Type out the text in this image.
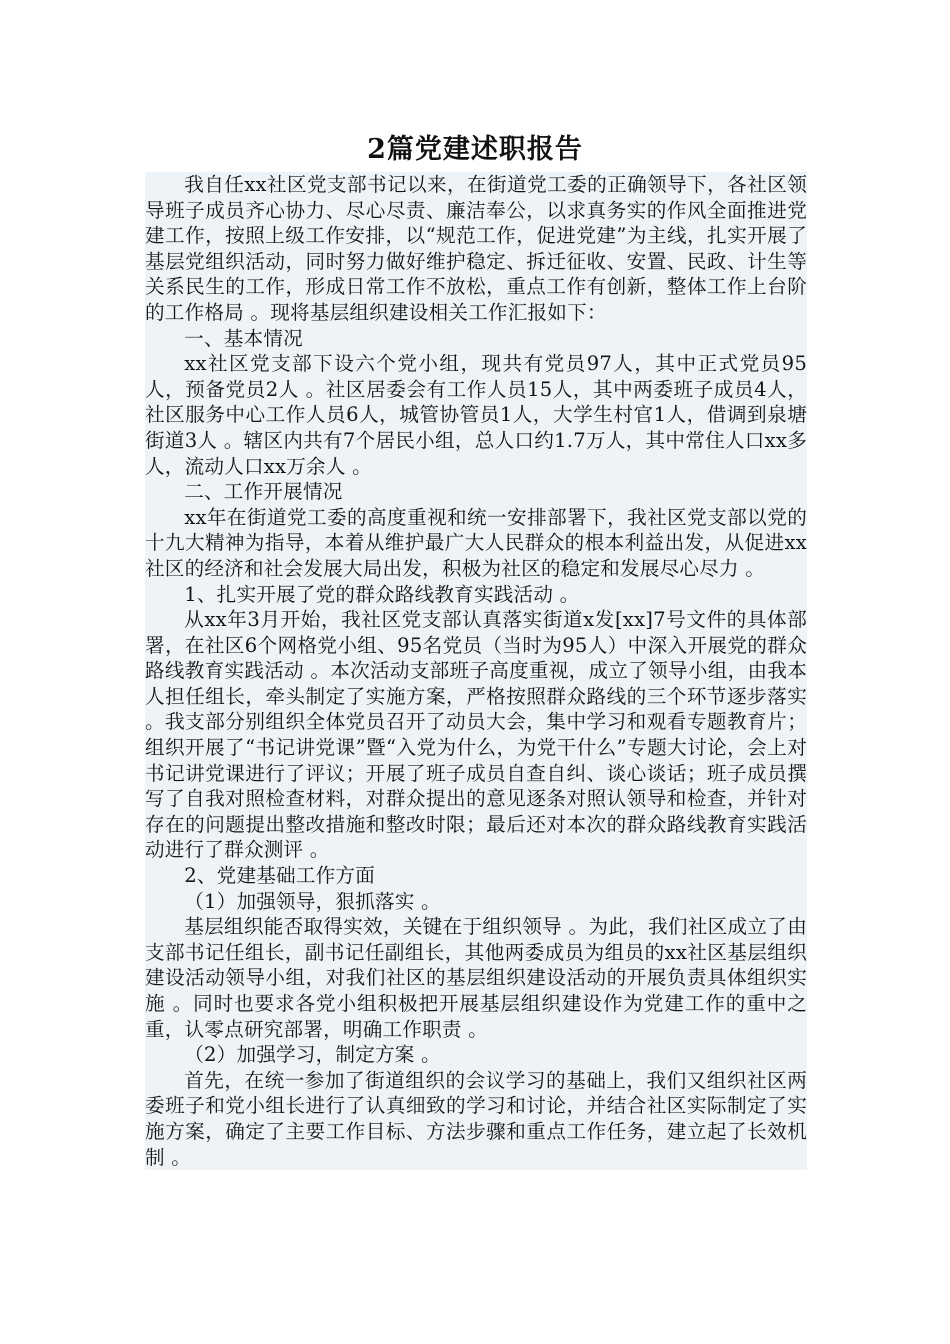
2篇党建述职报告

我自任xx社区党支部书记以来，在街道党工委的正确领导下，各社区领导班子成员齐心协力、尽心尽责、廉洁奉公，以求真务实的作风全面推进党建工作，按照上级工作安排，以“规范工作，促进党建”为主线，扎实开展了基层党组织活动，同时努力做好维护稳定、拆迁征收、安置、民政、计生等关系民生的工作，形成日常工作不放松，重点工作有创新，整体工作上台阶的工作格局 。现将基层组织建设相关工作汇报如下：

一、基本情况

xx社区党支部下设六个党小组，现共有党员97人，其中正式党员95人，预备党员2人 。社区居委会有工作人员15人，其中两委班子成员4人，社区服务中心工作人员6人，城管协管员1人，大学生村官1人，借调到泉塘街道3人 。辖区内共有7个居民小组，总人口约1.7万人，其中常住人口xx多人，流动人口xx万余人 。

二、工作开展情况

xx年在街道党工委的高度重视和统一安排部署下，我社区党支部以党的十九大精神为指导，本着从维护最广大人民群众的根本利益出发，从促进xx社区的经济和社会发展大局出发，积极为社区的稳定和发展尽心尽力 。

1、扎实开展了党的群众路线教育实践活动 。

从xx年3月开始，我社区党支部认真落实街道x发[xx]7号文件的具体部署，在社区6个网格党小组、95名党员（当时为95人）中深入开展党的群众路线教育实践活动 。本次活动支部班子高度重视，成立了领导小组，由我本人担任组长，牵头制定了实施方案，严格按照群众路线的三个环节逐步落实 。我支部分别组织全体党员召开了动员大会，集中学习和观看专题教育片；组织开展了“书记讲党课”暨“入党为什么，为党干什么”专题大讨论，会上对书记讲党课进行了评议；开展了班子成员自查自纠、谈心谈话；班子成员撰写了自我对照检查材料，对群众提出的意见逐条对照认领导和检查，并针对存在的问题提出整改措施和整改时限；最后还对本次的群众路线教育实践活动进行了群众测评 。

2、党建基础工作方面

（1）加强领导，狠抓落实 。

基层组织能否取得实效，关键在于组织领导 。为此，我们社区成立了由支部书记任组长，副书记任副组长，其他两委成员为组员的xx社区基层组织建设活动领导小组，对我们社区的基层组织建设活动的开展负责具体组织实施 。同时也要求各党小组积极把开展基层组织建设作为党建工作的重中之重，认零点研究部署，明确工作职责 。

（2）加强学习，制定方案 。

首先，在统一参加了街道组织的会议学习的基础上，我们又组织社区两委班子和党小组长进行了认真细致的学习和讨论，并结合社区实际制定了实施方案，确定了主要工作目标、方法步骤和重点工作任务，建立起了长效机制 。
